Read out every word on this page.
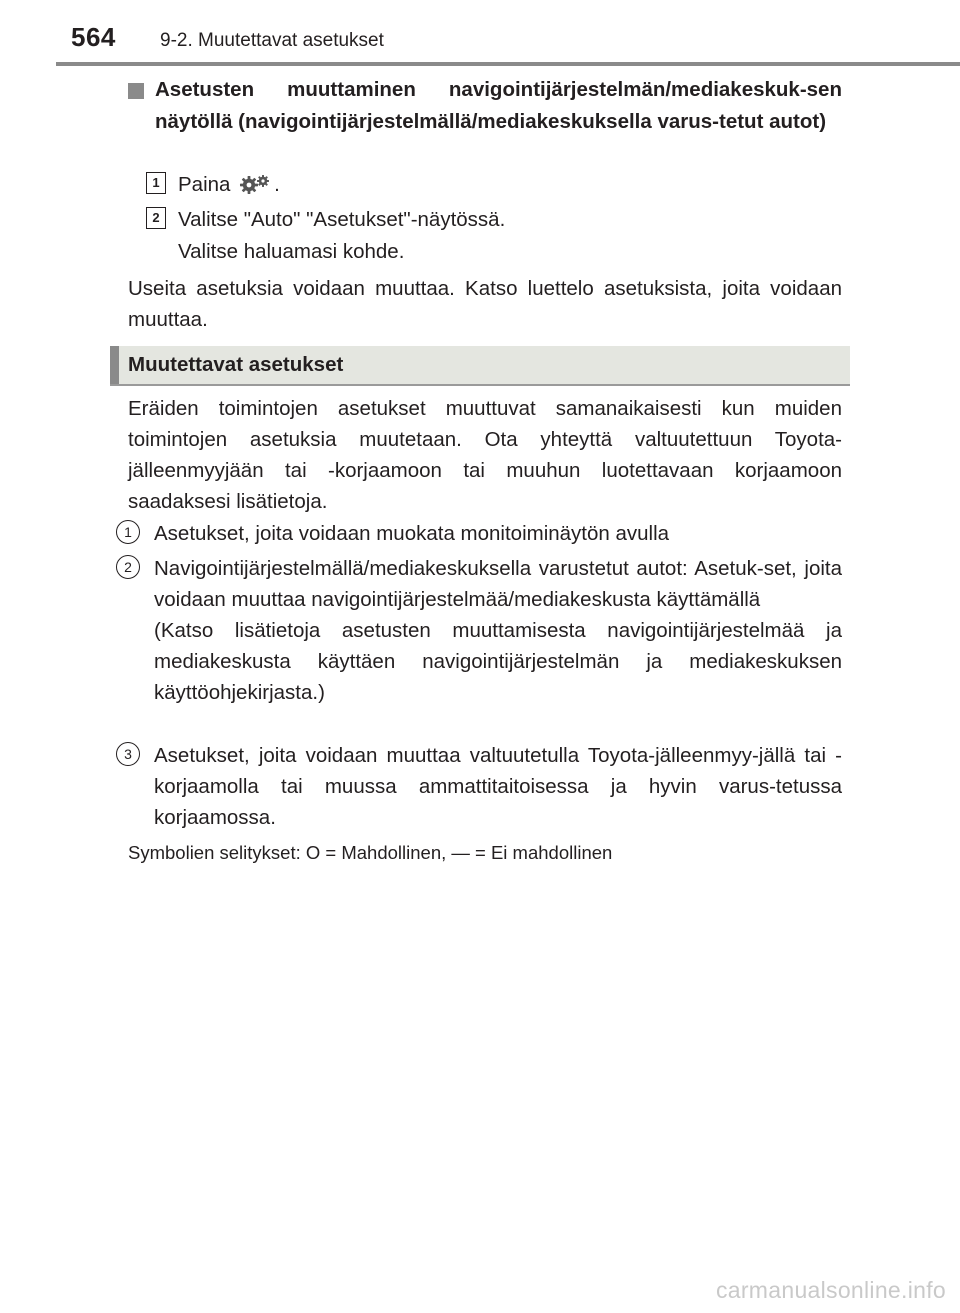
564 9-2. Muutettavat asetukset
Asetusten muuttaminen navigointijärjestelmän/mediakeskuk-sen näytöllä (navigointijärjestelmällä/mediakeskuksella varus-tetut autot)
1 Paina .
2 Valitse "Auto" "Asetukset"-näytössä.
Valitse haluamasi kohde.
Useita asetuksia voidaan muuttaa. Katso luettelo asetuksista, joita voidaan muuttaa.
Muutettavat asetukset
Eräiden toimintojen asetukset muuttuvat samanaikaisesti kun muiden toimintojen asetuksia muutetaan. Ota yhteyttä valtuutettuun Toyota-jälleenmyyjään tai -korjaamoon tai muuhun luotettavaan korjaamoon saadaksesi lisätietoja.
1	Asetukset, joita voidaan muokata monitoiminäytön avulla
2	Navigointijärjestelmällä/mediakeskuksella varustetut autot: Asetuk-set, joita voidaan muuttaa navigointijärjestelmää/mediakeskusta käyttämällä

(Katso lisätietoja asetusten muuttamisesta navigointijärjestelmää ja mediakeskusta käyttäen navigointijärjestelmän ja mediakeskuksen käyttöohjekirjasta.)

3	Asetukset, joita voidaan muuttaa valtuutetulla Toyota-jälleenmyy-jällä tai -korjaamolla tai muussa ammattitaitoisessa ja hyvin varus-tetussa korjaamossa.
Symbolien selitykset: O = Mahdollinen, — = Ei mahdollinen
carmanualsonline.info
